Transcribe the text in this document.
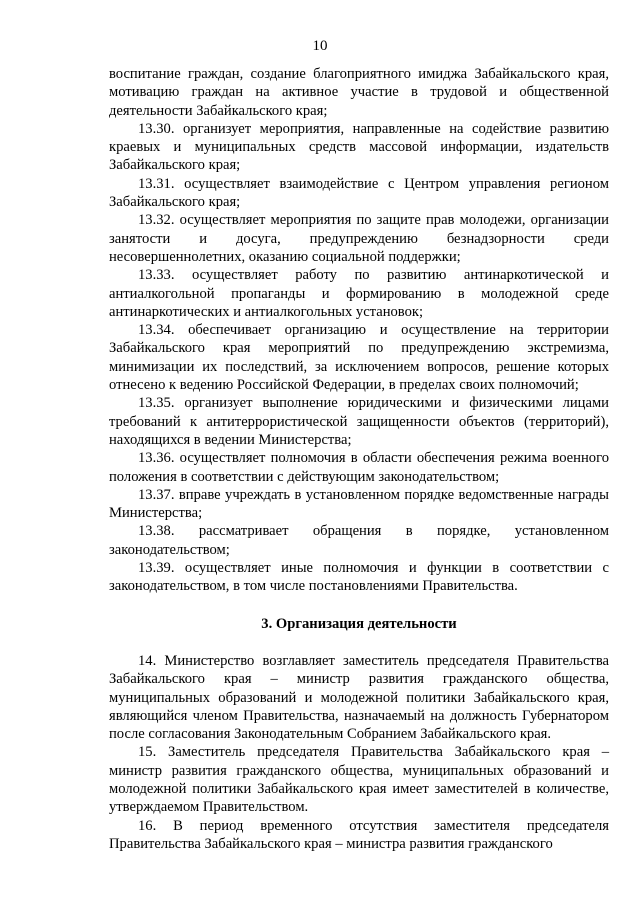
10

воспитание граждан, создание благоприятного имиджа Забайкальского края, мотивацию граждан на активное участие в трудовой и общественной деятельности Забайкальского края;

13.30. организует мероприятия, направленные на содействие развитию краевых и муниципальных средств массовой информации, издательств Забайкальского края;

13.31. осуществляет взаимодействие с Центром управления регионом Забайкальского края;

13.32. осуществляет мероприятия по защите прав молодежи, организации занятости и досуга, предупреждению безнадзорности среди несовершеннолетних, оказанию социальной поддержки;

13.33. осуществляет работу по развитию антинаркотической и антиалкогольной пропаганды и формированию в молодежной среде антинаркотических и антиалкогольных установок;

13.34. обеспечивает организацию и осуществление на территории Забайкальского края мероприятий по предупреждению экстремизма, минимизации их последствий, за исключением вопросов, решение которых отнесено к ведению Российской Федерации, в пределах своих полномочий;

13.35. организует выполнение юридическими и физическими лицами требований к антитеррористической защищенности объектов (территорий), находящихся в ведении Министерства;

13.36. осуществляет полномочия в области обеспечения режима военного положения в соответствии с действующим законодательством;

13.37. вправе учреждать в установленном порядке ведомственные награды Министерства;

13.38. рассматривает обращения в порядке, установленном законодательством;

13.39. осуществляет иные полномочия и функции в соответствии с законодательством, в том числе постановлениями Правительства.

3. Организация деятельности

14. Министерство возглавляет заместитель председателя Правительства Забайкальского края – министр развития гражданского общества, муниципальных образований и молодежной политики Забайкальского края, являющийся членом Правительства, назначаемый на должность Губернатором после согласования Законодательным Собранием Забайкальского края.

15. Заместитель председателя Правительства Забайкальского края – министр развития гражданского общества, муниципальных образований и молодежной политики Забайкальского края имеет заместителей в количестве, утверждаемом Правительством.

16. В период временного отсутствия заместителя председателя Правительства Забайкальского края – министра развития гражданского
